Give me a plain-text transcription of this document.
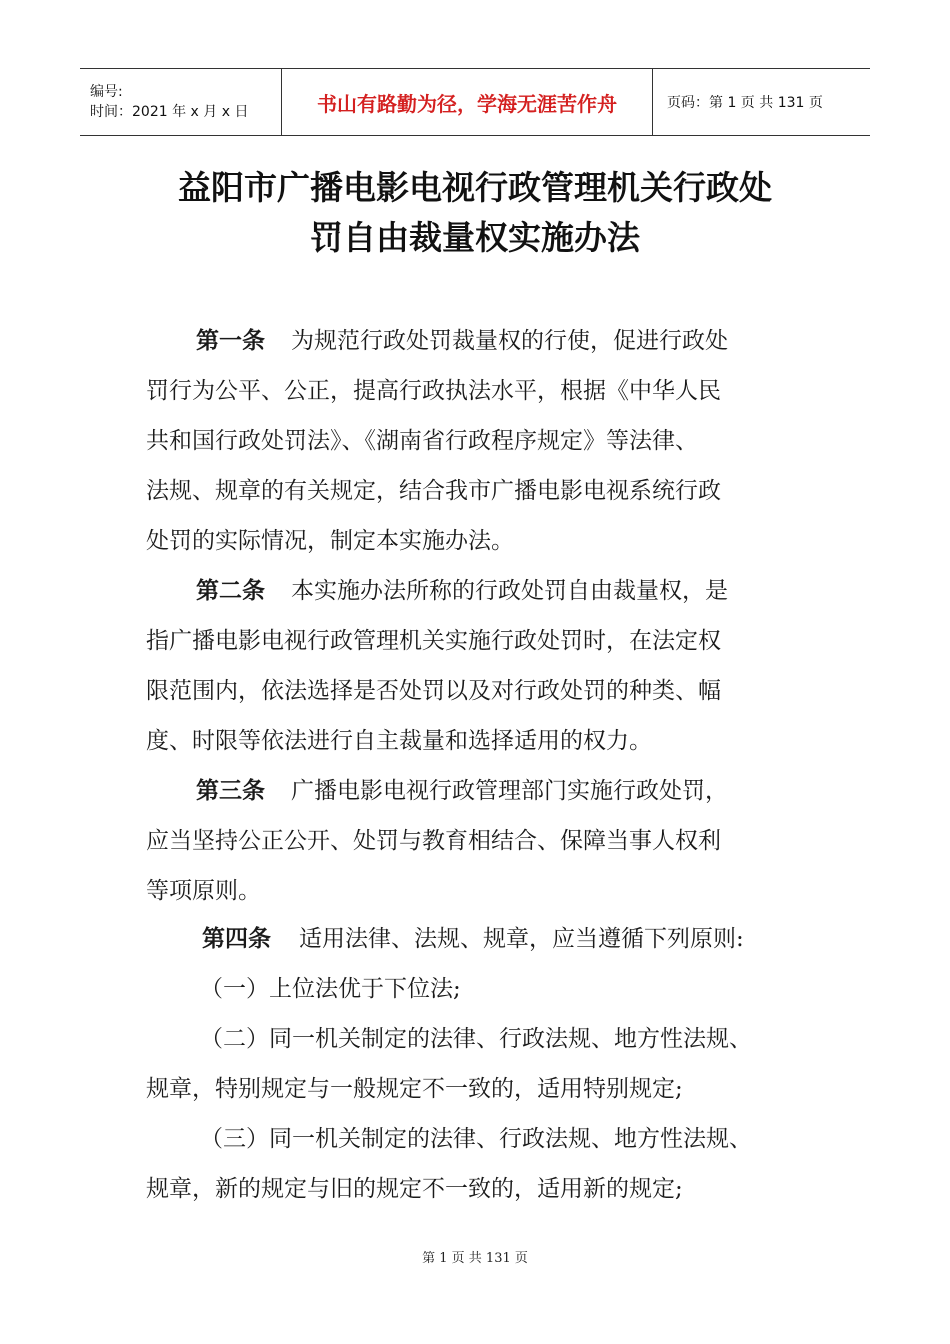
编号:
时间：2021 年 x 月 x 日	书山有路勤为径，学海无涯苦作舟	页码：第 1 页 共 131 页
益阳市广播电影电视行政管理机关行政处
罚自由裁量权实施办法
第一条 为规范行政处罚裁量权的行使，促进行政处
罚行为公平、公正，提高行政执法水平，根据《中华人民
共和国行政处罚法》、《湖南省行政程序规定》等法律、
法规、规章的有关规定，结合我市广播电影电视系统行政
处罚的实际情况，制定本实施办法。
第二条 本实施办法所称的行政处罚自由裁量权，是
指广播电影电视行政管理机关实施行政处罚时，在法定权
限范围内，依法选择是否处罚以及对行政处罚的种类、幅
度、时限等依法进行自主裁量和选择适用的权力。
第三条 广播电影电视行政管理部门实施行政处罚，
应当坚持公正公开、处罚与教育相结合、保障当事人权利
等项原则。
第四条 适用法律、法规、规章，应当遵循下列原则:
（一）上位法优于下位法;
（二）同一机关制定的法律、行政法规、地方性法规、
规章，特别规定与一般规定不一致的，适用特别规定;
（三）同一机关制定的法律、行政法规、地方性法规、
规章，新的规定与旧的规定不一致的，适用新的规定;
第 1 页 共 131 页
